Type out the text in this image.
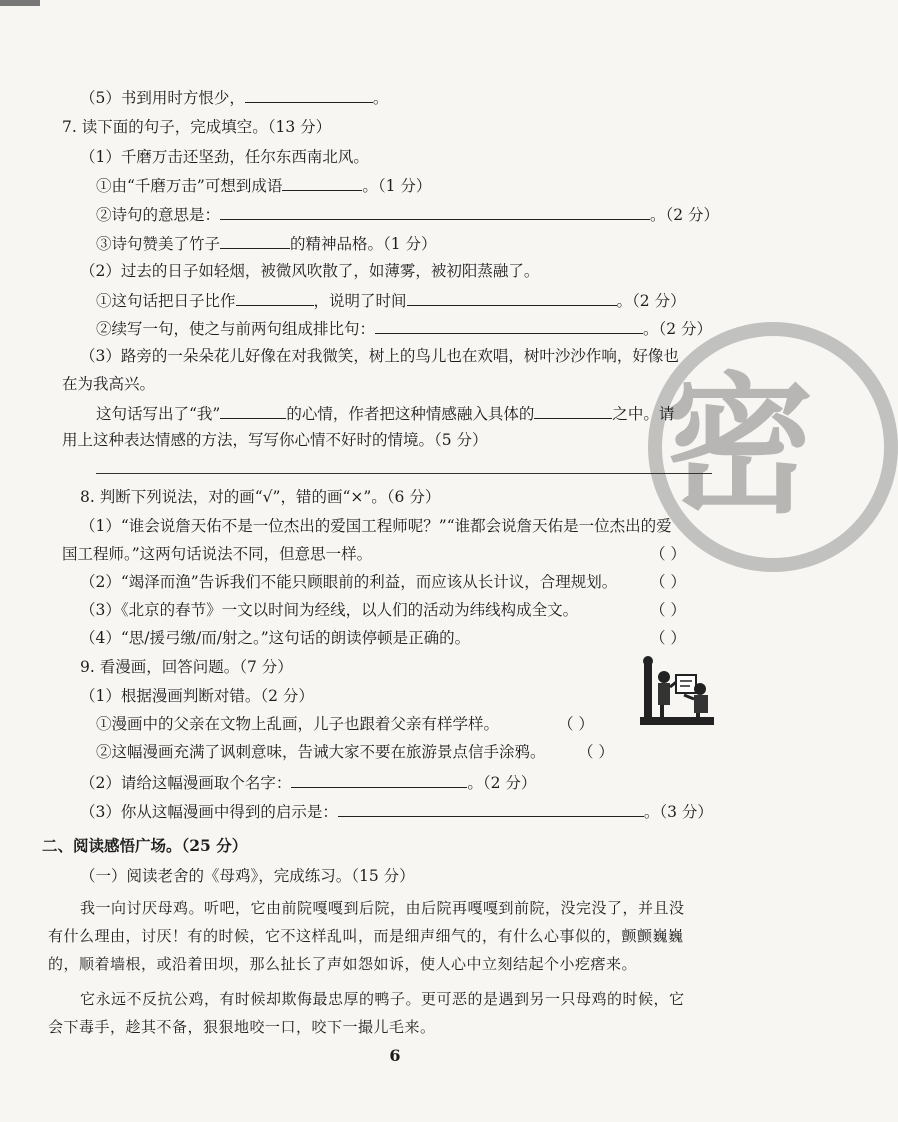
密
（5）书到用时方恨少，	。
7. 读下面的句子，完成填空。（13 分）
（1）千磨万击还坚劲，任尔东西南北风。
①由“千磨万击”可想到成语	。（1 分）
②诗句的意思是：	。（2 分）
③诗句赞美了竹子	的精神品格。（1 分）
（2）过去的日子如轻烟，被微风吹散了，如薄雾，被初阳蒸融了。
①这句话把日子比作	，说明了时间	。（2 分）
②续写一句，使之与前两句组成排比句：	。（2 分）
（3）路旁的一朵朵花儿好像在对我微笑，树上的鸟儿也在欢唱，树叶沙沙作响，好像也
在为我高兴。
这句话写出了“我”	的心情，作者把这种情感融入具体的	之中。请
用上这种表达情感的方法，写写你心情不好时的情境。（5 分）
8. 判断下列说法，对的画“√”，错的画“×”。（6 分）
（1）“谁会说詹天佑不是一位杰出的爱国工程师呢？”“谁都会说詹天佑是一位杰出的爱
国工程师。”这两句话说法不同，但意思一样。	（ ）
（2）“竭泽而渔”告诉我们不能只顾眼前的利益，而应该从长计议，合理规划。 （ ）
（3）《北京的春节》一文以时间为经线，以人们的活动为纬线构成全文。	（ ）
（4）“思/援弓缴/而/射之。”这句话的朗读停顿是正确的。	（ ）
9. 看漫画，回答问题。（7 分）
（1）根据漫画判断对错。（2 分）
①漫画中的父亲在文物上乱画，儿子也跟着父亲有样学样。	（ ）
②这幅漫画充满了讽刺意味，告诫大家不要在旅游景点信手涂鸦。 （ ）
（2）请给这幅漫画取个名字：	。（2 分）
（3）你从这幅漫画中得到的启示是：	。（3 分）
二、阅读感悟广场。（25 分）
（一）阅读老舍的《母鸡》，完成练习。（15 分）
我一向讨厌母鸡。听吧，它由前院嘎嘎到后院，由后院再嘎嘎到前院，没完没了，并且没
有什么理由，讨厌！有的时候，它不这样乱叫，而是细声细气的，有什么心事似的，颤颤巍巍
的，顺着墙根，或沿着田坝，那么扯长了声如怨如诉，使人心中立刻结起个小疙瘩来。
它永远不反抗公鸡，有时候却欺侮最忠厚的鸭子。更可恶的是遇到另一只母鸡的时候，它
会下毒手，趁其不备，狠狠地咬一口，咬下一撮儿毛来。
6
